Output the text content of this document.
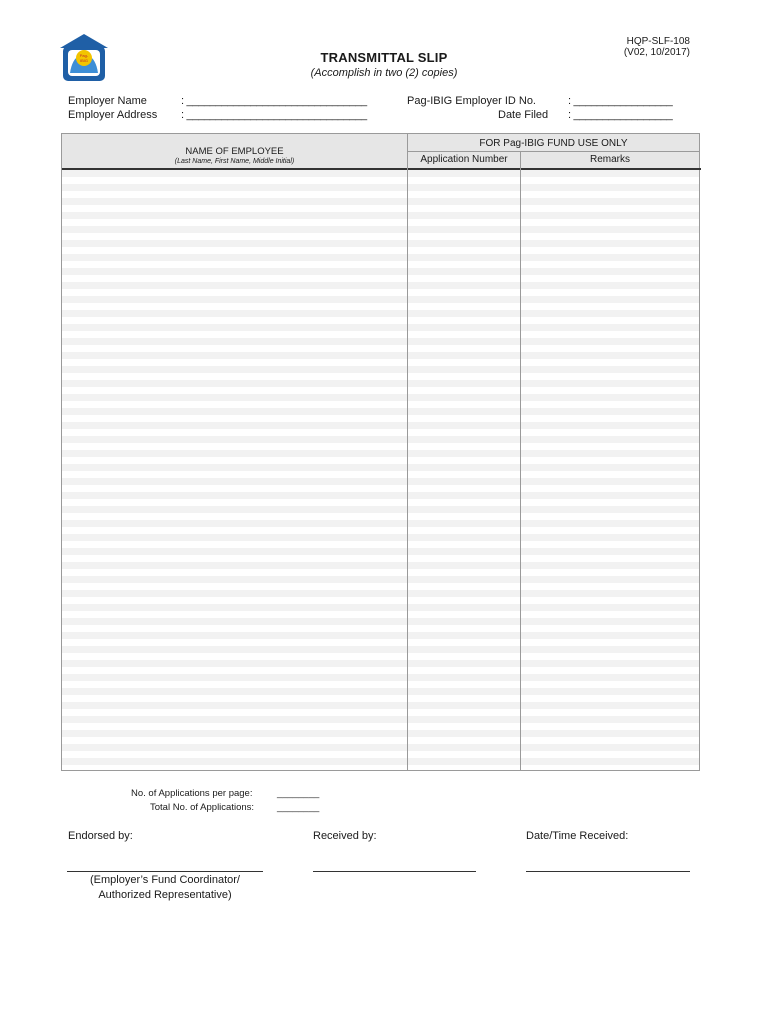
Pag-
IBIG
HQP-SLF-108
(V02, 10/2017)
TRANSMITTAL SLIP
(Accomplish in two (2) copies)
Employer Name	: _______________________________
Employer Address : _______________________________
Pag-IBIG Employer ID No.	: _________________
Date Filed : _________________
NAME OF EMPLOYEE
(Last Name, First Name, Middle Initial)
FOR Pag-IBIG FUND USE ONLY
Application Number	Remarks
No. of Applications per page:	________
Total No. of Applications: ________
Endorsed by:	Received by:	Date/Time Received:
(Employer’s Fund Coordinator/
Authorized Representative)
